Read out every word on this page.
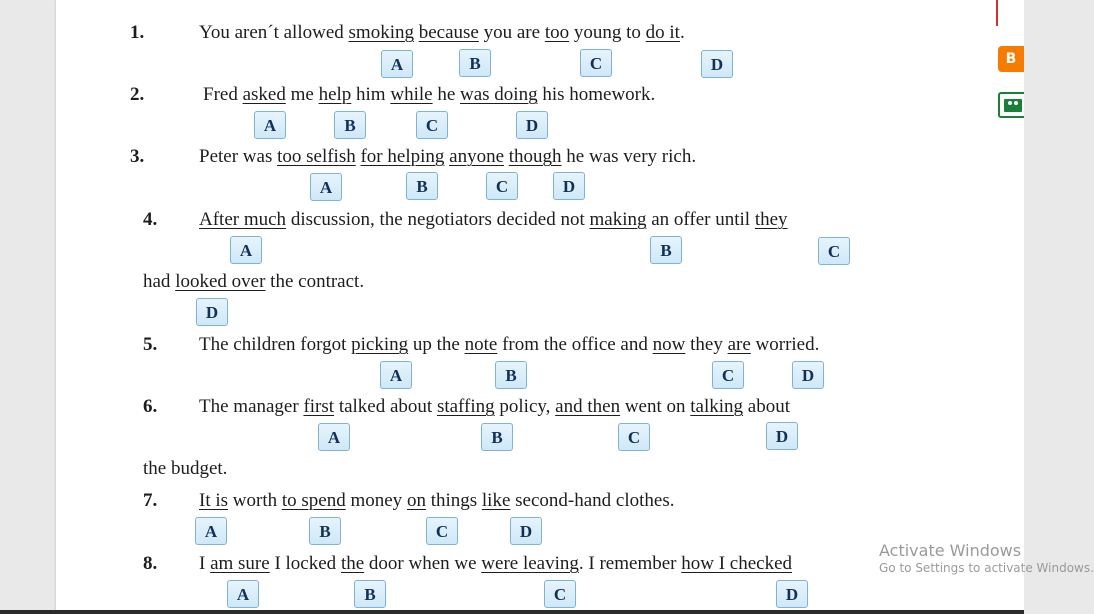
1.	You aren´t allowed smoking because you are too young to do it.
A	B	C	D
2.	Fred asked me help him while he was doing his homework.
A	B	C	D
3.	Peter was too selfish for helping anyone though he was very rich.
A	B	C	D
4. After much discussion, the negotiators decided not making an offer until they
A	B	C
had looked over the contract.
D
5. The children forgot picking up the note from the office and now they are worried.
A	B	C	D
6. The manager first talked about staffing policy, and then went on talking about
A	B	C	D
the budget.
7. It is worth to spend money on things like second-hand clothes.
A	B	C	D
8. I am sure I locked the door when we were leaving. I remember how I checked
A	B	C	D
B
Activate Windows
Go to Settings to activate Windows.
